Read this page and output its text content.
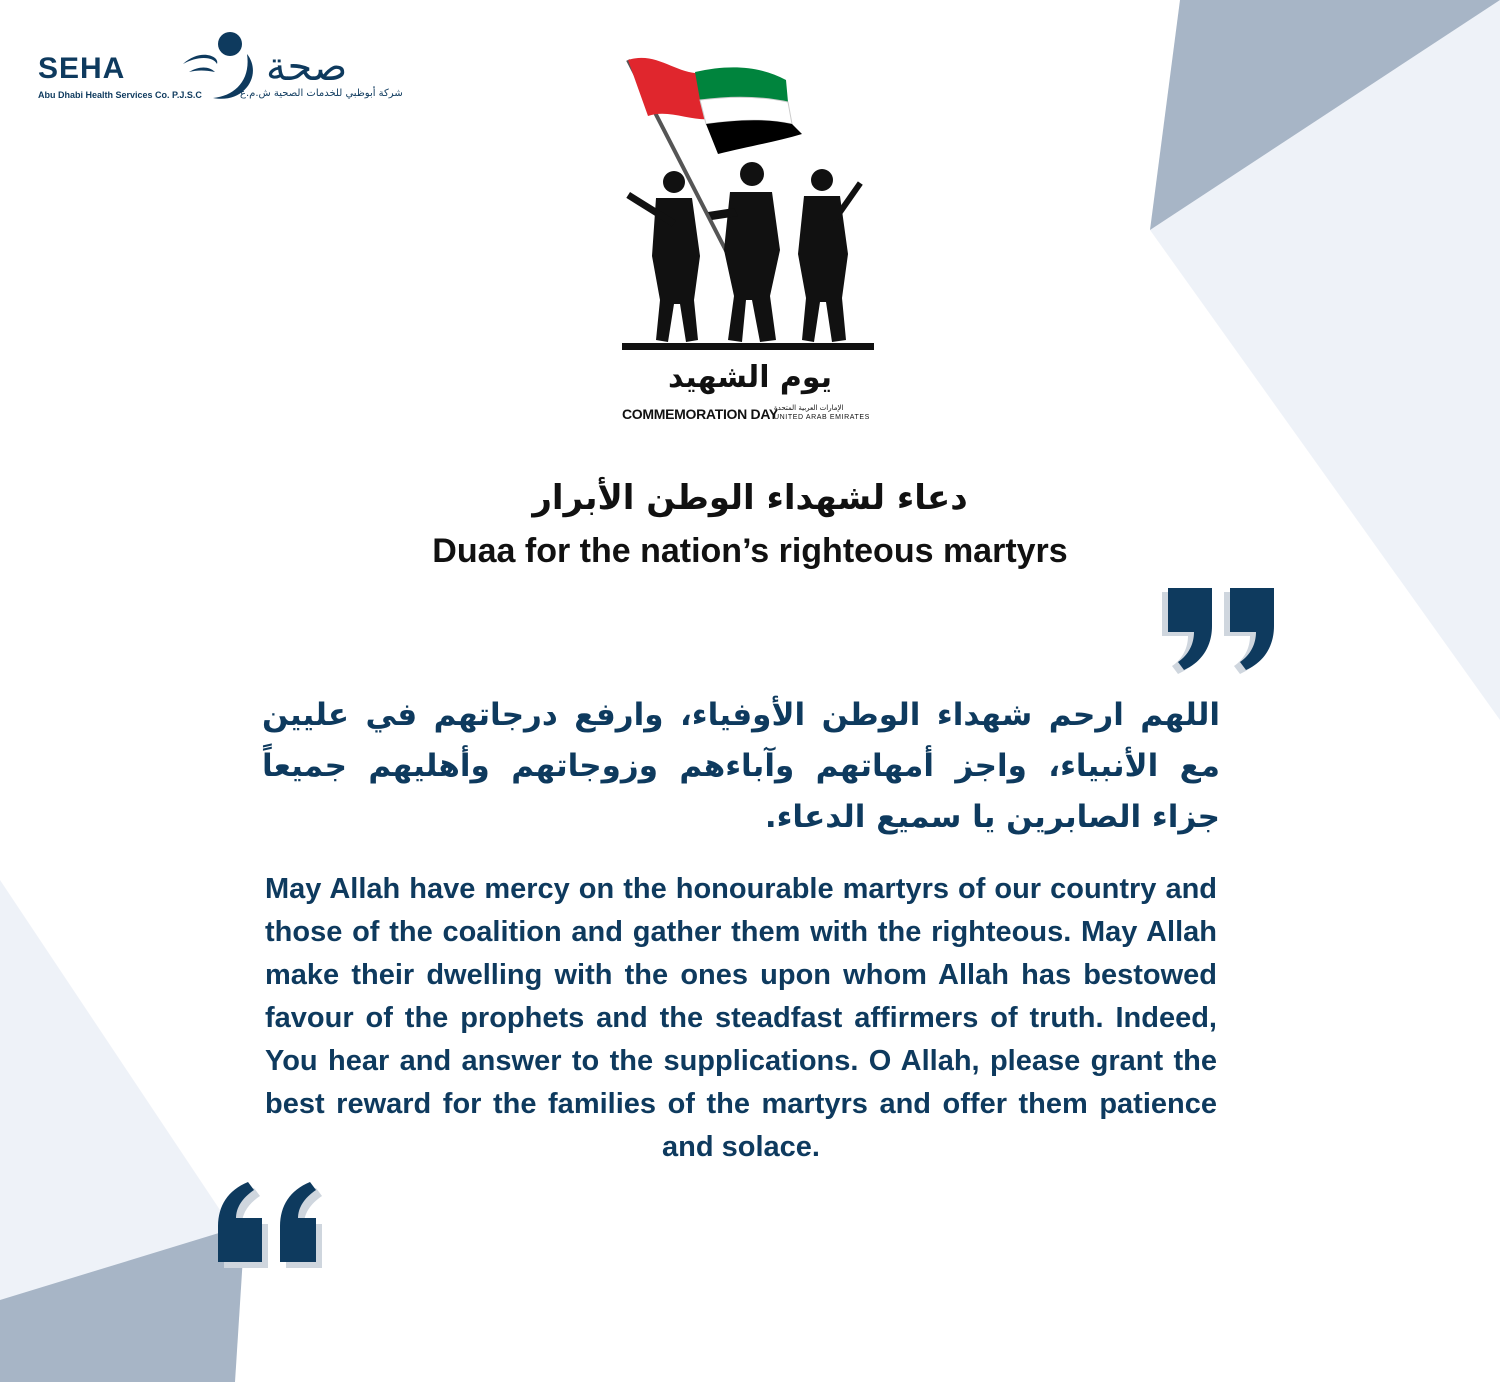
SEHA	صحة
Abu Dhabi Health Services Co. P.J.S.C	شركة أبوظبي للخدمات الصحية ش.م.ع
يوم الشهيد
COMMEMORATION DAY
الإمارات العربية المتحدة
UNITED ARAB EMIRATES
دعاء لشهداء الوطن الأبرار
Duaa for the nation’s righteous martyrs
اللهم ارحم شهداء الوطن الأوفياء، وارفع درجاتهم في عليين مع الأنبياء، واجز أمهاتهم وآباءهم وزوجاتهم وأهليهم جميعاً جزاء الصابرين يا سميع الدعاء.
May Allah have mercy on the honourable martyrs of our country and those of the coalition and gather them with the righteous. May Allah make their dwelling with the ones upon whom Allah has bestowed favour of the prophets and the steadfast affirmers of truth. Indeed, You hear and answer to the supplications. O Allah, please grant the best reward for the families of the martyrs and offer them patience and solace.
